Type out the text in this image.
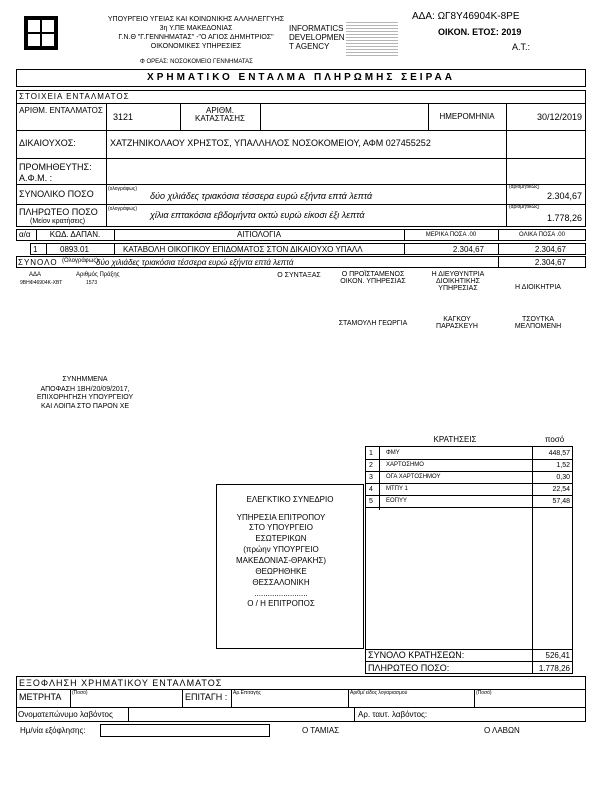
ΥΠΟΥΡΓΕΙΟ ΥΓΕΙΑΣ ΚΑΙ ΚΟΙΝΩΝΙΚΗΣ ΑΛΛΗΛΕΓΓΥΗΣ
3η Υ.ΠΕ ΜΑΚΕΔΟΝΙΑΣ
Γ.Ν.Θ "Γ.ΓΕΝΝΗΜΑΤΑΣ" -"Ο ΑΓΙΟΣ ΔΗΜΗΤΡΙΟΣ"
ΟΙΚΟΝΟΜΙΚΕΣ ΥΠΗΡΕΣΙΕΣ
INFORMATICS DEVELOPMEN T AGENCY
ΑΔΑ: ΩΓ8Υ46904Κ-8ΡΕ
ΟΙΚΟΝ. ΕΤΟΣ: 2019
Α.Τ.:
Φ ΟΡΕΑΣ: ΝΟΣΟΚΟΜΕΙΟ ΓΕΝΝΗΜΑΤΑΣ
ΧΡΗΜΑΤΙΚΟ ΕΝΤΑΛΜΑ ΠΛΗΡΩΜΗΣ ΣΕΙΡΑΑ
ΣΤΟΙΧΕΙΑ ΕΝΤΑΛΜΑΤΟΣ
ΑΡΙΘΜ. ΕΝΤΑΛΜΑΤΟΣ
3121
ΑΡΙΘΜ. ΚΑΤΑΣΤΑΣΗΣ	ΗΜΕΡΟΜΗΝΙΑ	30/12/2019
ΔΙΚΑΙΟΥΧΟΣ:	ΧΑΤΖΗΝΙΚΟΛΑΟΥ ΧΡΗΣΤΟΣ, ΥΠΑΛΛΗΛΟΣ ΝΟΣΟΚΟΜΕΙΟΥ, ΑΦΜ 027455252
ΠΡΟΜΗΘΕΥΤΗΣ:
Α.Φ.Μ. :
ΣΥΝΟΛΙΚΟ ΠΟΣΟ	(ολογράφως)
δύο χιλιάδες τριακόσια τέσσερα ευρώ εξήντα επτά λεπτά
(αριθμητικώς)
2.304,67
ΠΛΗΡΩΤΕΟ ΠΟΣΟ
(Μείον κρατήσεις)
(ολογράφως)
χίλια επτακόσια εβδομήντα οκτώ ευρώ είκοσι έξι λεπτά
(αριθμητικώς)
1.778,26
α/α	ΚΩΔ. ΔΑΠΑΝ.	ΑΙΤΙΟΛΟΓΙΑ	ΜΕΡΙΚΑ ΠΟΣΑ .00	ΟΛΙΚΑ ΠΟΣΑ .00
1	0893.01	ΚΑΤΑΒΟΛΗ ΟΙΚΟΓΙΚΟΥ ΕΠΙΔΟΜΑΤΟΣ ΣΤΟΝ ΔΙΚΑΙΟΥΧΟ ΥΠΑΛΛ	2.304,67	2.304,67
ΣΥΝΟΛΟ (Ολογράφως)
δύο χιλιάδες τριακόσια τέσσερα ευρώ εξήντα επτά λεπτά	2.304,67
ΑΔΑ
9ΒΗΦ46904Κ-ΧΒΤ
Αριθμός Πράξης
1573
Ο ΣΥΝΤΑΞΑΣ	Ο ΠΡΟΪΣΤΑΜΕΝΟΣ ΟΙΚΟΝ. ΥΠΗΡΕΣΙΑΣ
Η ΔΙΕΥΘΥΝΤΡΙΑ ΔΙΟΙΚΗΤΙΚΗΣ ΥΠΗΡΕΣΙΑΣ	Η ΔΙΟΙΚΗΤΡΙΑ
ΣΤΑΜΟΥΛΗ ΓΕΩΡΓΙΑ
ΚΑΓΚΟΥ ΠΑΡΑΣΚΕΥΗ
ΤΣΟΥΤΚΑ ΜΕΛΠΟΜΕΝΗ
ΣΥΝΗΜΜΕΝΑ
ΑΠΟΦΑΣΗ 1ΒΗ/20/09/2017,
ΕΠΙΧΟΡΗΓΗΣΗ ΥΠΟΥΡΓΕΙΟΥ
ΚΑΙ ΛΟΙΠΑ ΣΤΟ ΠΑΡΟΝ ΧΕ
ΚΡΑΤΗΣΕΙΣ	ποσό
1 ΦΜΥ	448,57
2 ΧΑΡΤΟΣΗΜΟ	1,52
3 ΟΓΑ ΧΑΡΤΟΣΗΜΟΥ	0,30
4 ΜΤΠΥ 1	22,54
5 ΕΟΠΥΥ	57,48
ΣΥΝΟΛΟ ΚΡΑΤΗΣΕΩΝ:	526,41
ΠΛΗΡΩΤΕΟ ΠΟΣΟ:	1.778,26
ΕΛΕΓΚΤΙΚΟ ΣΥΝΕΔΡΙΟ
ΥΠΗΡΕΣΙΑ ΕΠΙΤΡΟΠΟΥ
ΣΤΟ ΥΠΟΥΡΓΕΙΟ
ΕΣΩΤΕΡΙΚΩΝ
(πρώην ΥΠΟΥΡΓΕΙΟ
ΜΑΚΕΔΟΝΙΑΣ-ΘΡΑΚΗΣ)
ΘΕΩΡΗΘΗΚΕ
ΘΕΣΣΑΛΟΝΙΚΗ
........................
Ο / Η ΕΠΙΤΡΟΠΟΣ
ΕΞΟΦΛΗΣΗ ΧΡΗΜΑΤΙΚΟΥ ΕΝΤΑΛΜΑΤΟΣ
ΜΕΤΡΗΤΑ (Ποσό)	ΕΠΙΤΑΓΗ : Αρ.Επιταγής	Αριθμ/ είδος λογαριασμού	(Ποσό)
Ονοματεπώνυμο λαβόντος	Αρ. ταυτ. λαβόντος:
Ημ/νία εξόφλησης:	Ο ΤΑΜΙΑΣ	Ο ΛΑΒΩΝ
